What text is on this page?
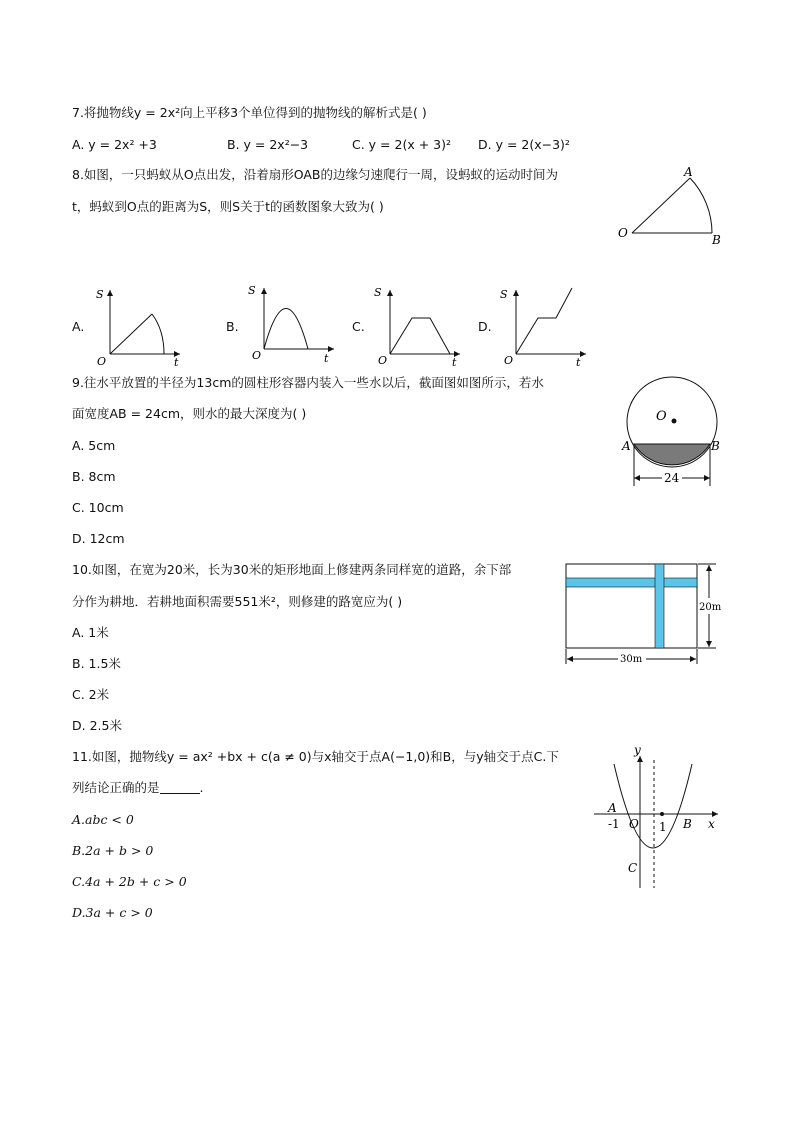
7.将抛物线y = 2x²向上平移3个单位得到的抛物线的解析式是( )
A. y = 2x² +3	B. y = 2x²−3	C. y = 2(x + 3)² D. y = 2(x−3)²
8.如图，一只蚂蚁从O点出发，沿着扇形OAB的边缘匀速爬行一周，设蚂蚁的运动时间为
t，蚂蚁到O点的距离为S，则S关于t的函数图象大致为( )
A
O	B
A.
S
O	t
B.
S
O	t
C.
S
O	t
D.
S
O	t
9.往水平放置的半径为13cm的圆柱形容器内装入一些水以后，截面图如图所示，若水
面宽度AB = 24cm，则水的最大深度为( )
A. 5cm
B. 8cm
C. 10cm
D. 12cm
O
A	B
24
10.如图，在宽为20米，长为30米的矩形地面上修建两条同样宽的道路，余下部
分作为耕地．若耕地面积需要551米²，则修建的路宽应为( )
A. 1米
B. 1.5米
C. 2米
D. 2.5米
20m
30m
11.如图，抛物线y = ax² +bx + c(a ≠ 0)与x轴交于点A(−1,0)和B，与y轴交于点C.下
列结论正确的是	.
A.abc < 0
B.2a + b > 0
C.4a + 2b + c > 0
D.3a + c > 0
y
x
A
B
C
O
-1	1
